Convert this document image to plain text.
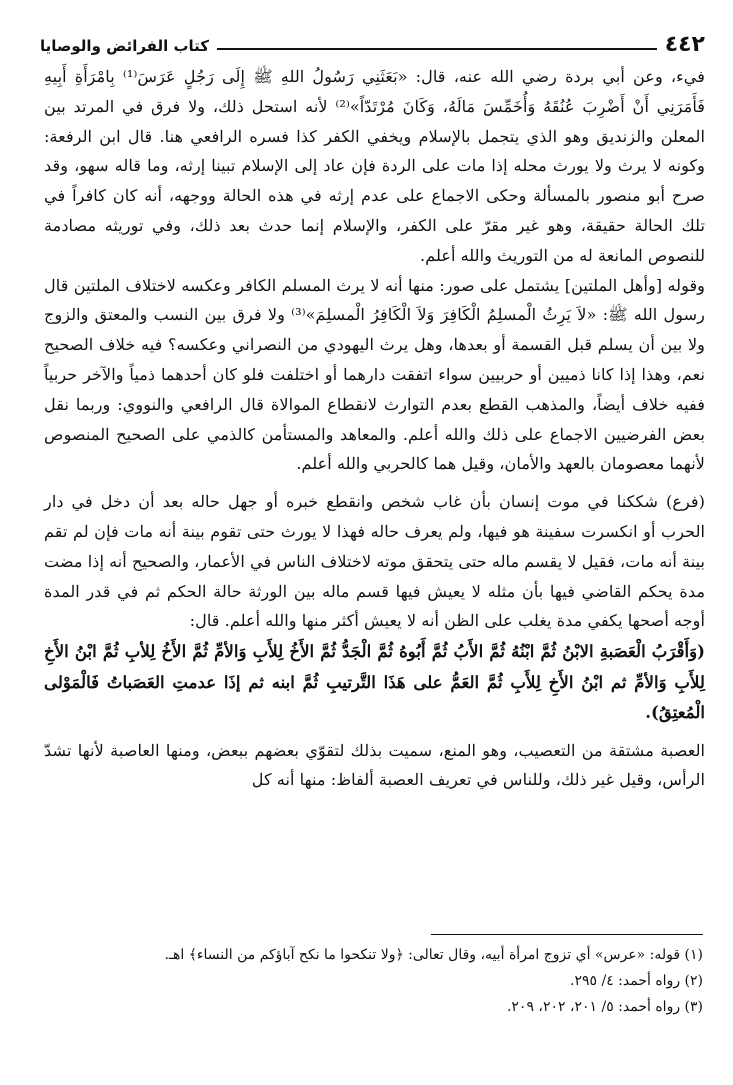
٤٤٢
كتاب الفرائض والوصايا

فيء، وعن أبي بردة رضي الله عنه، قال: «بَعَثَنِي رَسُولُ اللهِ ﷺ إِلَى رَجُلٍ عَرَسَ⁽¹⁾ بِامْرَأَةِ أَبِيهِ فَأَمَرَنِي أَنْ أَضْرِبَ عُنُقَهُ وَأُخَمِّسَ مَالَهُ، وَكَانَ مُرْتَدّاً»⁽²⁾ لأنه استحل ذلك، ولا فرق في المرتد بين المعلن والزنديق وهو الذي يتجمل بالإسلام ويخفي الكفر كذا فسره الرافعي هنا. قال ابن الرفعة: وكونه لا يرث ولا يورث محله إذا مات على الردة فإن عاد إلى الإسلام تبينا إرثه، وما قاله سهو، وقد صرح أبو منصور بالمسألة وحكى الاجماع على عدم إرثه في هذه الحالة ووجهه، أنه كان كافراً في تلك الحالة حقيقة، وهو غير مقرّ على الكفر، والإسلام إنما حدث بعد ذلك، وفي توريثه مصادمة للنصوص المانعة له من التوريث والله أعلم.

وقوله [وأهل الملتين] يشتمل على صور: منها أنه لا يرث المسلم الكافر وعكسه لاختلاف الملتين قال رسول الله ﷺ: «لاَ يَرِثُ الْمسلِمُ الْكَافِرَ وَلاَ الْكَافِرُ الْمسلِمَ»⁽³⁾ ولا فرق بين النسب والمعتق والزوج ولا بين أن يسلم قبل القسمة أو بعدها، وهل يرث اليهودي من النصراني وعكسه؟ فيه خلاف الصحيح نعم، وهذا إذا كانا ذميين أو حربيين سواء اتفقت دارهما أو اختلفت فلو كان أحدهما ذمياً والآخر حربياً ففيه خلاف أيضاً، والمذهب القطع بعدم التوارث لانقطاع الموالاة قال الرافعي والنووي: وربما نقل بعض الفرضيين الاجماع على ذلك والله أعلم. والمعاهد والمستأمن كالذمي على الصحيح المنصوص لأنهما معصومان بالعهد والأمان، وقيل هما كالحربي والله أعلم.

(فرع) شككنا في موت إنسان بأن غاب شخص وانقطع خبره أو جهل حاله بعد أن دخل في دار الحرب أو انكسرت سفينة هو فيها، ولم يعرف حاله فهذا لا يورث حتى تقوم بينة أنه مات فإن لم تقم بينة أنه مات، فقيل لا يقسم ماله حتى يتحقق موته لاختلاف الناس في الأعمار، والصحيح أنه إذا مضت مدة يحكم القاضي فيها بأن مثله لا يعيش فيها قسم ماله بين الورثة حالة الحكم ثم في قدر المدة أوجه أصحها يكفي مدة يغلب على الظن أنه لا يعيش أكثر منها والله أعلم. قال:

(وَأَقْرَبُ الْعَصَبةِ الابْنُ ثُمَّ ابْنُهُ ثُمَّ الأَبُ ثُمَّ أَبُوهُ ثُمَّ الْجَدُّ ثُمَّ الأَخُ لِلأَبِ وَالأمِّ ثُمَّ الأَخُ لِلأبِ ثُمَّ ابْنُ الأَخِ لِلأَبِ وَالأمِّ ثم ابْنُ الأَخِ لِلأَبِ ثُمَّ العَمُّ على هَذَا التَّرتيبِ ثُمَّ ابنه ثم إذَا عدمتِ العَصَباتُ فَالْمَوْلى الْمُعتِقُ).

العصبة مشتقة من التعصيب، وهو المنع، سميت بذلك لتقوّي بعضهم ببعض، ومنها العاصبة لأنها تشدّ الرأس، وقيل غير ذلك، وللناس في تعريف العصبة ألفاظ: منها أنه كل

(١) قوله: «عرس» أي تزوج امرأة أبيه، وقال تعالى: ﴿ولا تنكحوا ما نكح آباؤكم من النساء﴾ اهـ.

(٢) رواه أحمد: ٤/ ٢٩٥.

(٣) رواه أحمد: ٥/ ٢٠١، ٢٠٢، ٢٠٩.
